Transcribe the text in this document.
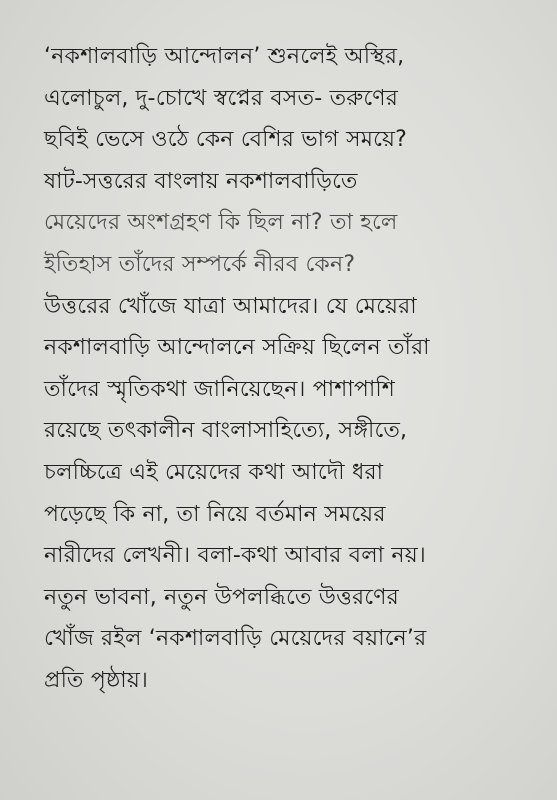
‘নকশালবাড়ি আন্দোলন’ শুনলেই অস্থির,
এলোচুল, দু-চোখে স্বপ্নের বসত- তরুণের
ছবিই ভেসে ওঠে কেন বেশির ভাগ সময়ে?
ষাট-সত্তরের বাংলায় নকশালবাড়িতে
মেয়েদের অংশগ্রহণ কি ছিল না? তা হলে
ইতিহাস তাঁদের সম্পর্কে নীরব কেন?
উত্তরের খোঁজে যাত্রা আমাদের। যে মেয়েরা
নকশালবাড়ি আন্দোলনে সক্রিয় ছিলেন তাঁরা
তাঁদের স্মৃতিকথা জানিয়েছেন। পাশাপাশি
রয়েছে তৎকালীন বাংলাসাহিত্যে, সঙ্গীতে,
চলচ্চিত্রে এই মেয়েদের কথা আদৌ ধরা
পড়েছে কি না, তা নিয়ে বর্তমান সময়ের
নারীদের লেখনী। বলা-কথা আবার বলা নয়।
নতুন ভাবনা, নতুন উপলব্ধিতে উত্তরণের
খোঁজ রইল ‘নকশালবাড়ি মেয়েদের বয়ানে’র
প্রতি পৃষ্ঠায়।
